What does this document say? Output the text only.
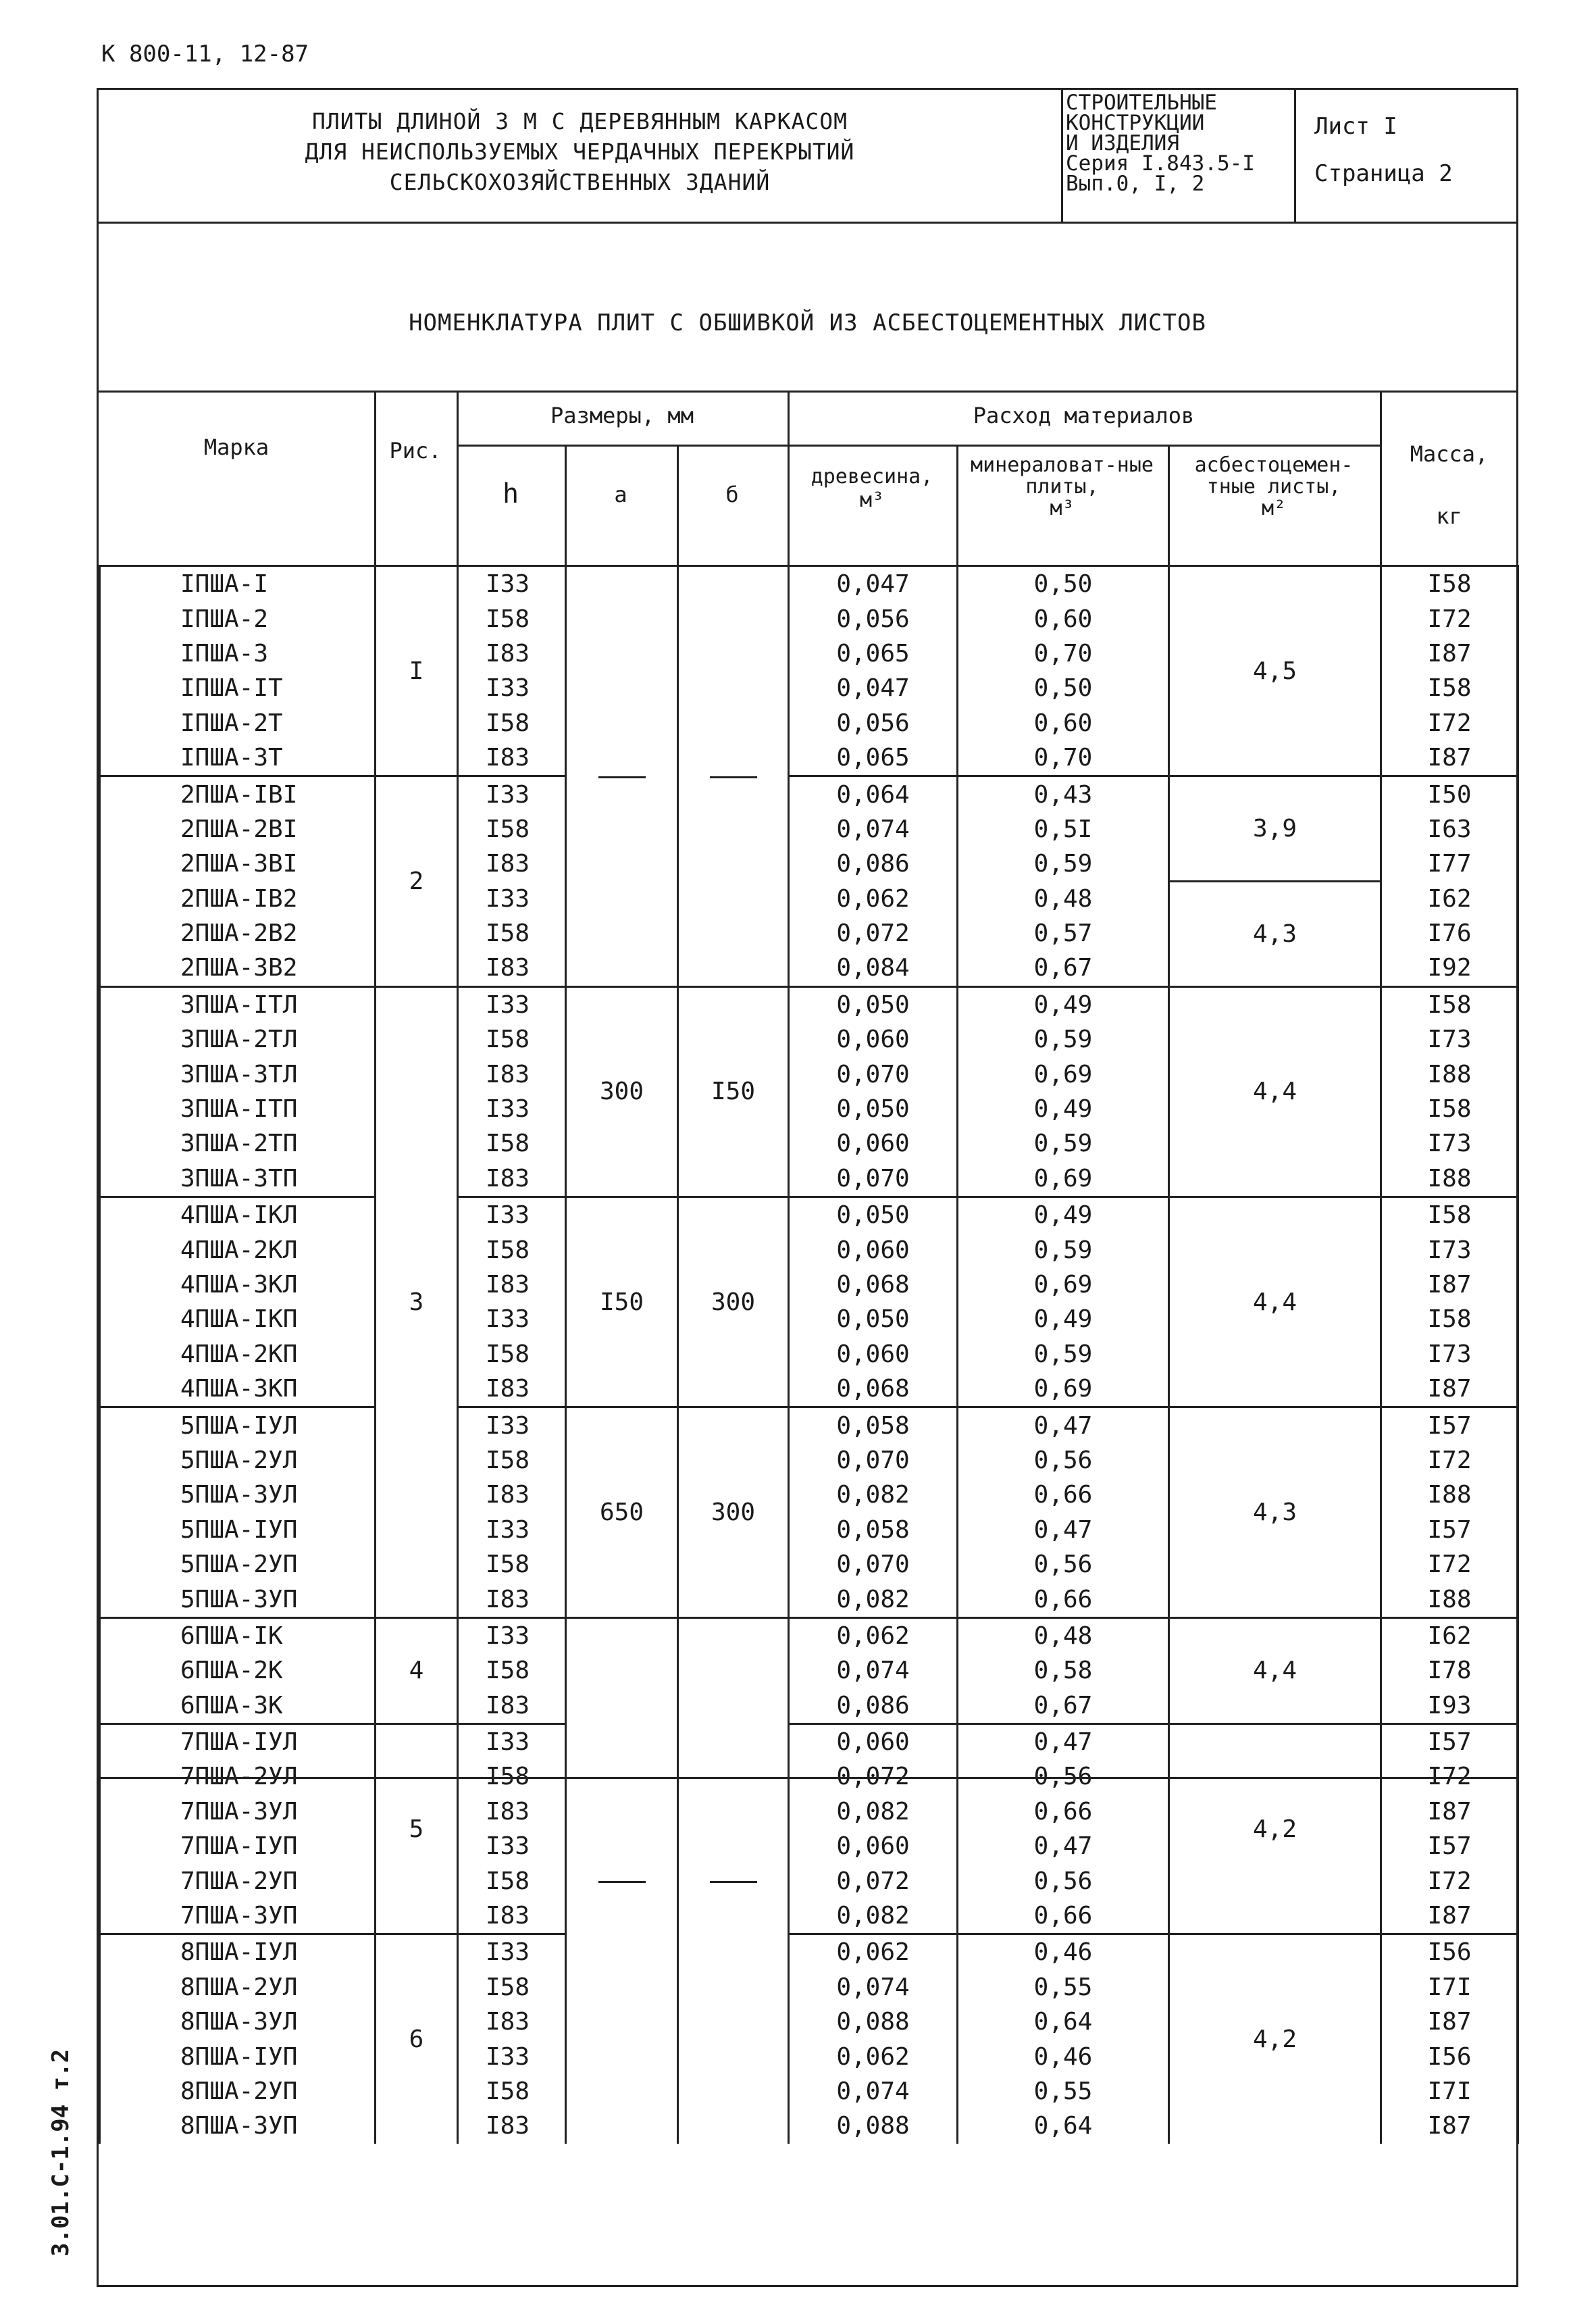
К 800-11, 12-87
3.01.С-1.94 т.2
ПЛИТЫ ДЛИНОЙ 3 М С ДЕРЕВЯННЫМ КАРКАСОМ
ДЛЯ НЕИСПОЛЬЗУЕМЫХ ЧЕРДАЧНЫХ ПЕРЕКРЫТИЙ
СЕЛЬСКОХОЗЯЙСТВЕННЫХ ЗДАНИЙ
СТРОИТЕЛЬНЫЕ
КОНСТРУКЦИИ
И ИЗДЕЛИЯ
Серия I.843.5-I
Вып.0, I, 2
Лист I
Страница 2
НОМЕНКЛАТУРА ПЛИТ С ОБШИВКОЙ ИЗ АСБЕСТОЦЕМЕНТНЫХ ЛИСТОВ
Марка	Рис.
Размеры, мм
h	а	б
Расход материалов
древесина,
м³
минераловат-ные плиты,
м³
асбестоцемен-тные листы,
м²
Масса,
кг
IПША-I	I	I33			0,047	0,50	4,5	I58
IПША-2		I58			0,056	0,60		I72
IПША-3		I83			0,065	0,70		I87
IПША-IТ		I33			0,047	0,50		I58
IПША-2Т		I58			0,056	0,60		I72
IПША-3Т		I83			0,065	0,70		I87
2ПША-IВI	2	I33			0,064	0,43	3,9	I50
2ПША-2ВI		I58			0,074	0,5I		I63
2ПША-3ВI		I83			0,086	0,59		I77
2ПША-IВ2		I33			0,062	0,48	4,3	I62
2ПША-2В2		I58			0,072	0,57		I76
2ПША-3В2		I83			0,084	0,67		I92
3ПША-IТЛ	3	I33	300	I50	0,050	0,49	4,4	I58
3ПША-2ТЛ		I58			0,060	0,59		I73
3ПША-3ТЛ		I83			0,070	0,69		I88
3ПША-IТП		I33			0,050	0,49		I58
3ПША-2ТП		I58			0,060	0,59		I73
3ПША-3ТП		I83			0,070	0,69		I88
4ПША-IКЛ		I33	I50	300	0,050	0,49	4,4	I58
4ПША-2КЛ		I58			0,060	0,59		I73
4ПША-3КЛ		I83			0,068	0,69		I87
4ПША-IКП		I33			0,050	0,49		I58
4ПША-2КП		I58			0,060	0,59		I73
4ПША-3КП		I83			0,068	0,69		I87
5ПША-IУЛ		I33	650	300	0,058	0,47	4,3	I57
5ПША-2УЛ		I58			0,070	0,56		I72
5ПША-3УЛ		I83			0,082	0,66		I88
5ПША-IУП		I33			0,058	0,47		I57
5ПША-2УП		I58			0,070	0,56		I72
5ПША-3УП		I83			0,082	0,66		I88
6ПША-IК	4	I33			0,062	0,48	4,4	I62
6ПША-2К		I58			0,074	0,58		I78
6ПША-3К		I83			0,086	0,67		I93
7ПША-IУЛ	5	I33			0,060	0,47	4,2	I57
7ПША-2УЛ		I58			0,072	0,56		I72
7ПША-3УЛ		I83			0,082	0,66		I87
7ПША-IУП		I33			0,060	0,47		I57
7ПША-2УП		I58			0,072	0,56		I72
7ПША-3УП		I83			0,082	0,66		I87
8ПША-IУЛ	6	I33			0,062	0,46	4,2	I56
8ПША-2УЛ		I58			0,074	0,55		I7I
8ПША-3УЛ		I83			0,088	0,64		I87
8ПША-IУП		I33			0,062	0,46		I56
8ПША-2УП		I58			0,074	0,55		I7I
8ПША-3УП		I83			0,088	0,64		I87
